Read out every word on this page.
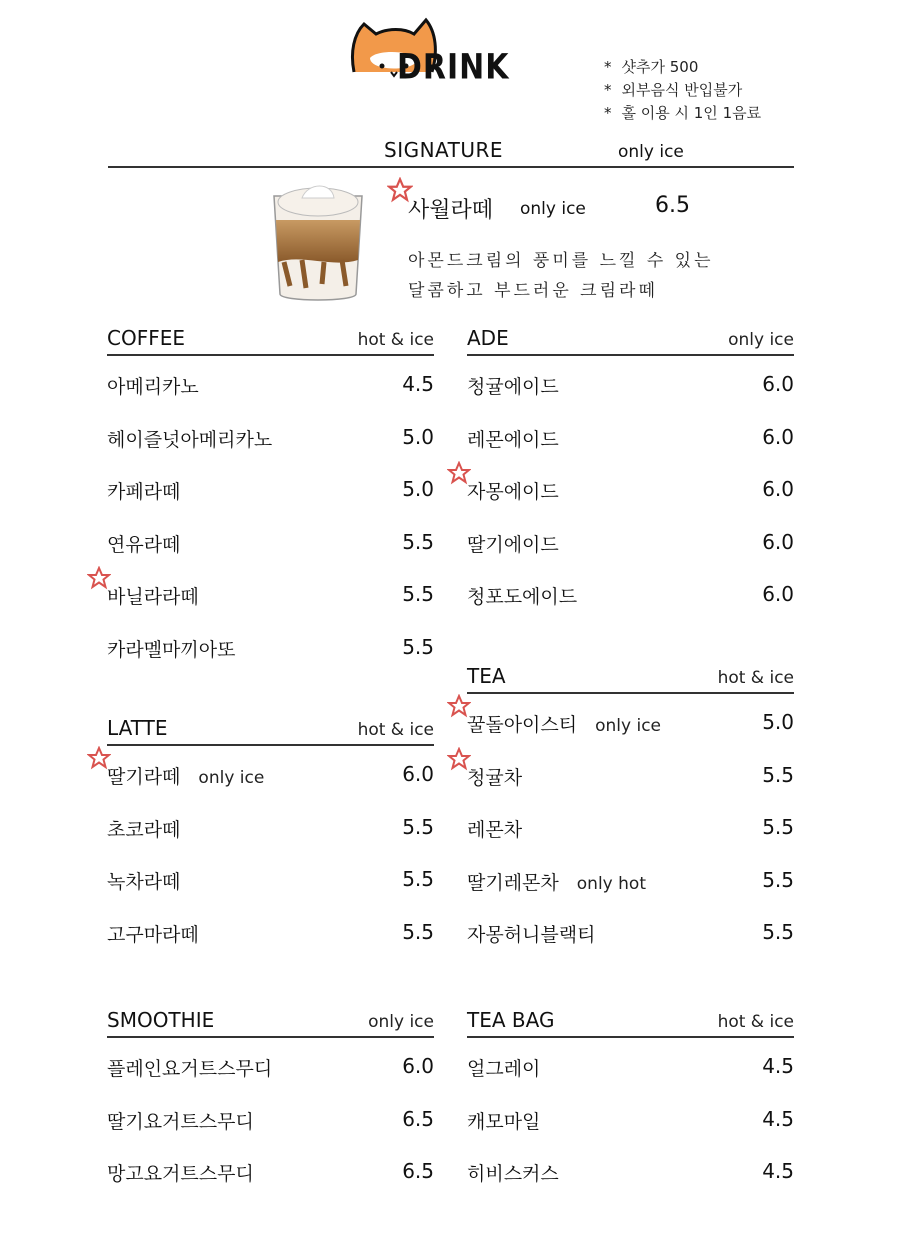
DRINK	* 샷추가 500
* 외부음식 반입불가
* 홀 이용 시 1인 1음료
SIGNATURE	only ice
사월라떼 only ice	6.5
아몬드크림의 풍미를 느낄 수 있는
달콤하고 부드러운 크림라떼
COFFEE	hot & ice
아메리카노	4.5
헤이즐넛아메리카노	5.0
카페라떼	5.0
연유라떼	5.5
바닐라라떼	5.5
카라멜마끼아또	5.5
LATTE	hot & ice
딸기라떼 only ice	6.0
초코라떼	5.5
녹차라떼	5.5
고구마라떼	5.5
SMOOTHIE	only ice
플레인요거트스무디	6.0
딸기요거트스무디	6.5
망고요거트스무디	6.5
ADE	only ice
청귤에이드	6.0
레몬에이드	6.0
자몽에이드	6.0
딸기에이드	6.0
청포도에이드	6.0
TEA	hot & ice
꿀돌아이스티 only ice	5.0
청귤차	5.5
레몬차	5.5
딸기레몬차 only hot	5.5
자몽허니블랙티	5.5
TEA BAG	hot & ice
얼그레이	4.5
캐모마일	4.5
히비스커스	4.5
